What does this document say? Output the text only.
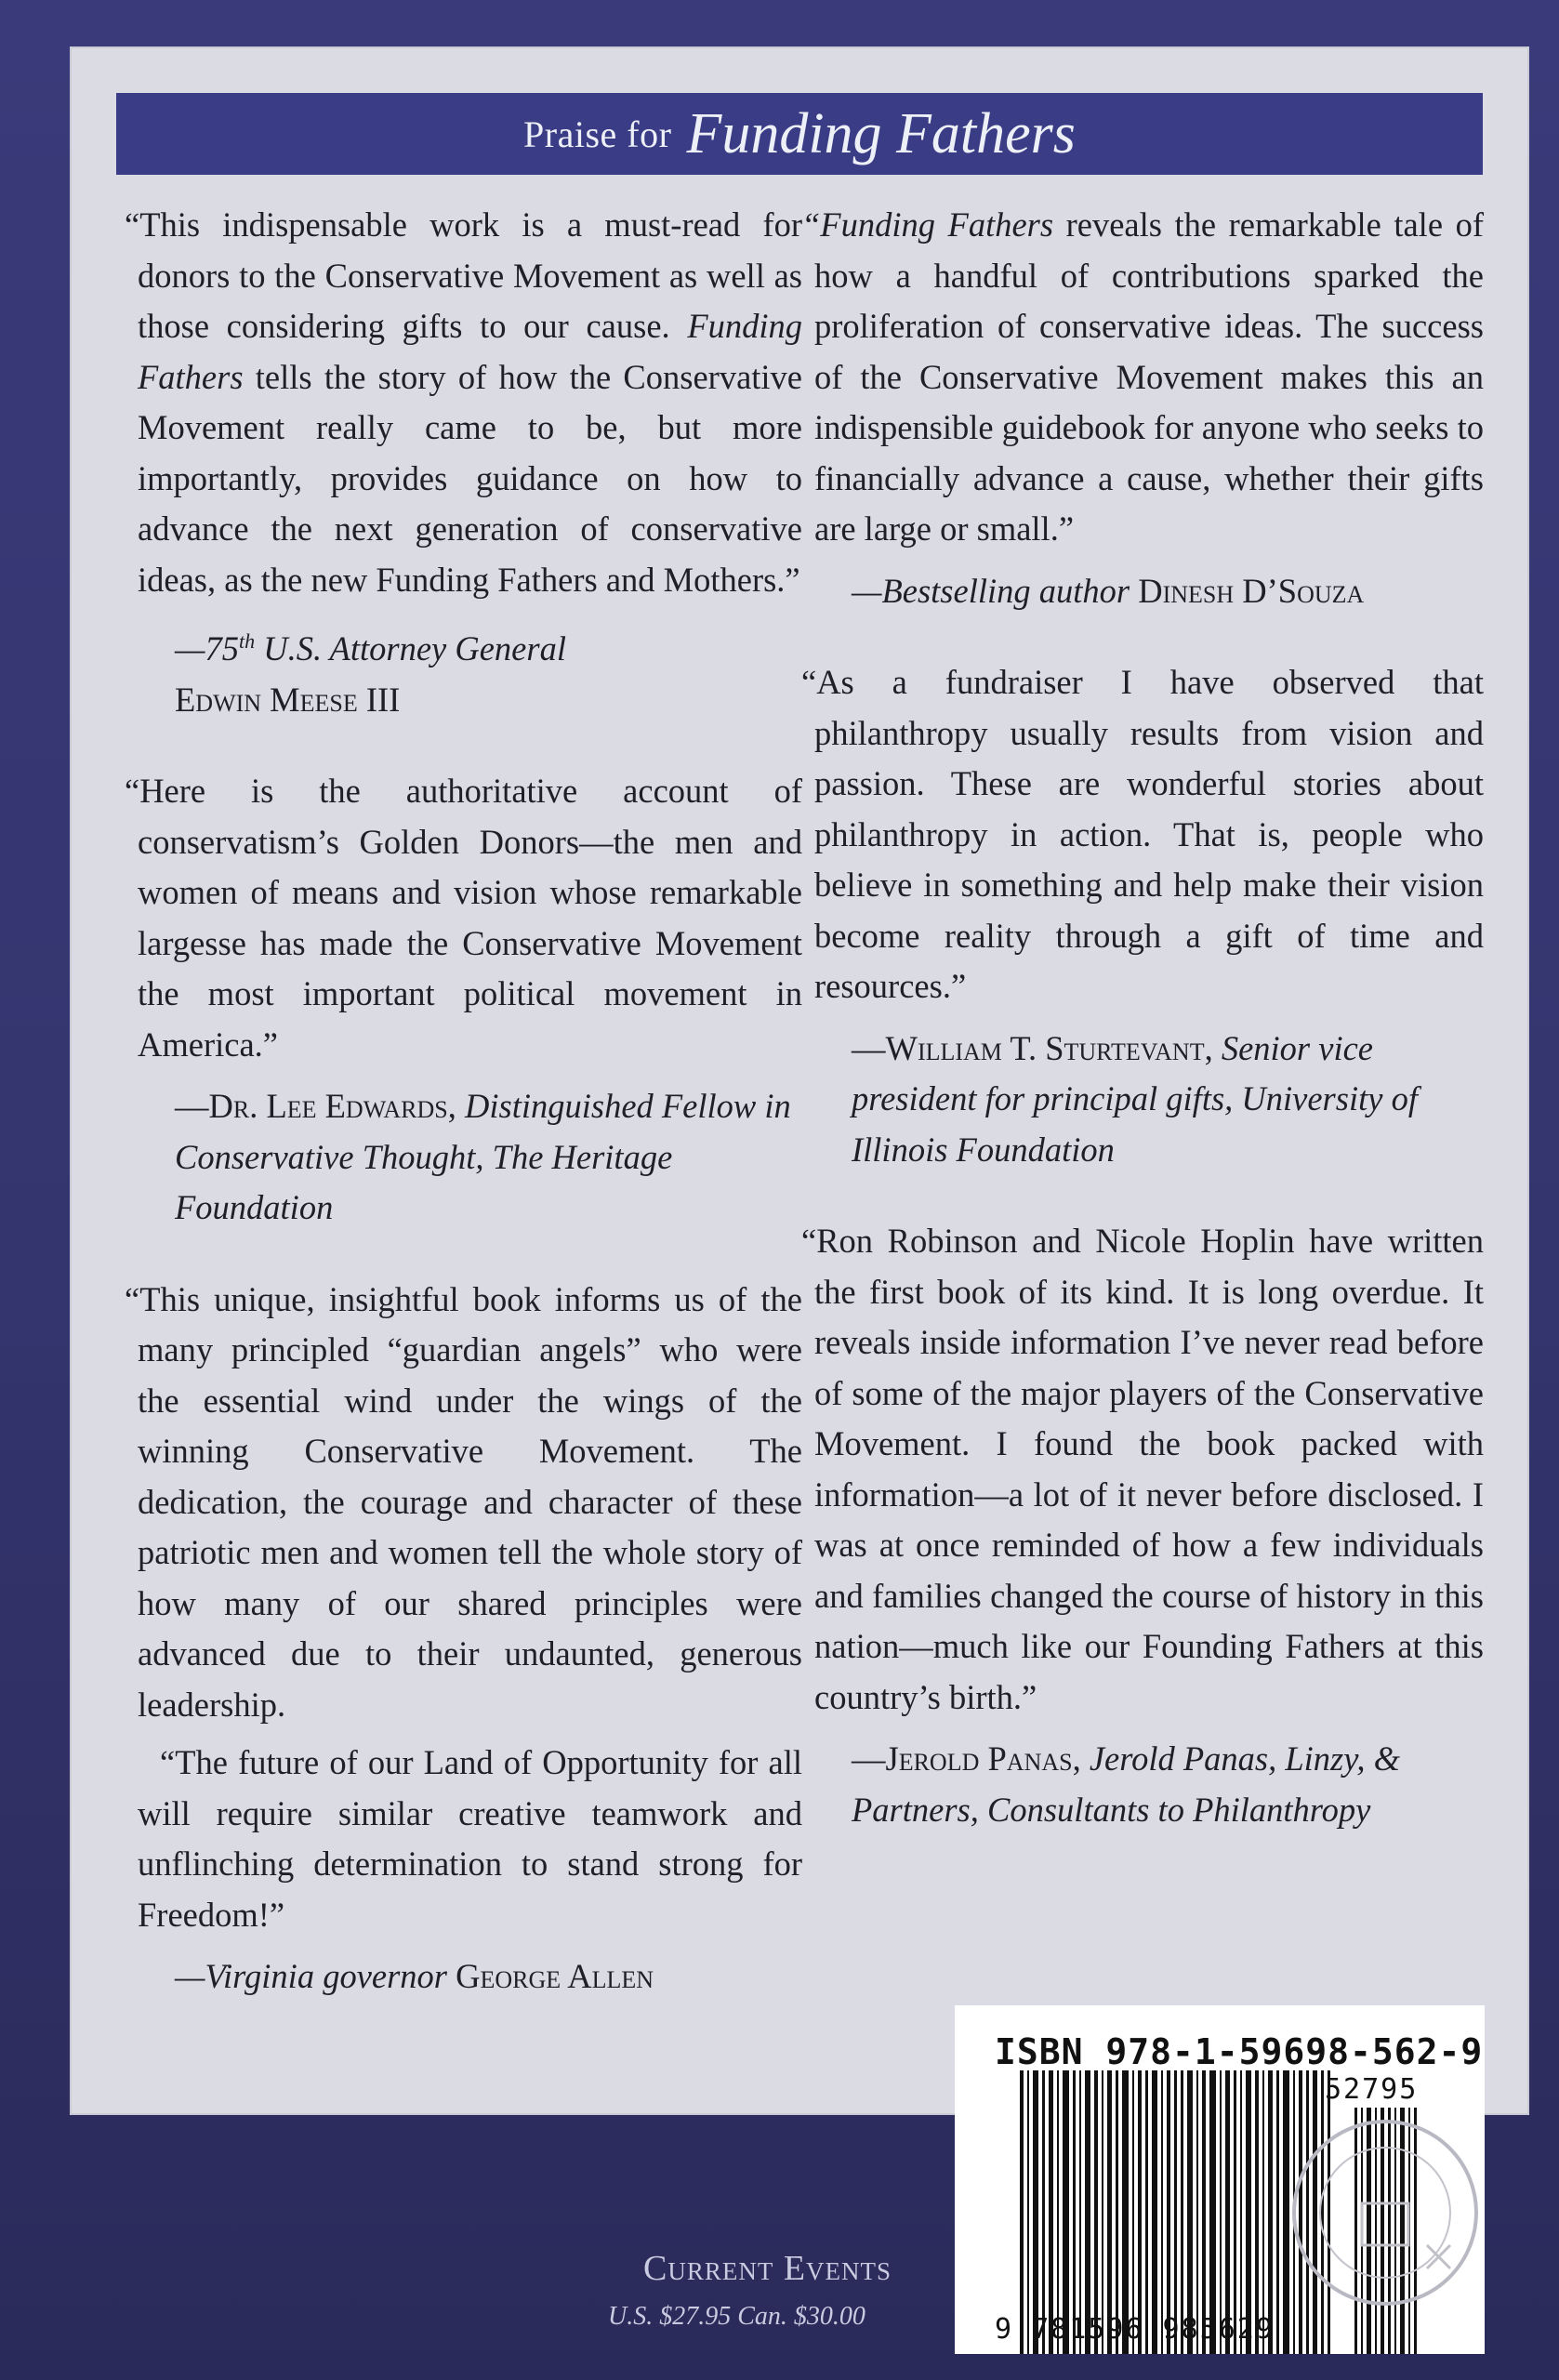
Praise for Funding Fathers

“This indispensable work is a must-read for donors to the Conservative Movement as well as those considering gifts to our cause. Funding Fathers tells the story of how the Conservative Movement really came to be, but more importantly, provides guidance on how to advance the next generation of conservative ideas, as the new Funding Fathers and Mothers.”

—75th U.S. Attorney General
Edwin Meese III

“Here is the authoritative account of conservatism’s Golden Donors—the men and women of means and vision whose remarkable largesse has made the Conservative Movement the most important political movement in America.”

—Dr. Lee Edwards, Distinguished Fellow in Conservative Thought, The Heritage Foundation

“This unique, insightful book informs us of the many principled “guardian angels” who were the essential wind under the wings of the winning Conservative Movement. The dedication, the courage and character of these patriotic men and women tell the whole story of how many of our shared principles were advanced due to their undaunted, generous leadership.

“The future of our Land of Opportunity for all will require similar creative teamwork and unflinching determination to stand strong for Freedom!”

—Virginia governor George Allen

“Funding Fathers reveals the remarkable tale of how a handful of contributions sparked the proliferation of conservative ideas. The success of the Conservative Movement makes this an indispensible guidebook for anyone who seeks to financially advance a cause, whether their gifts are large or small.”

—Bestselling author Dinesh D’Souza

“As a fundraiser I have observed that philanthropy usually results from vision and passion. These are wonderful stories about philanthropy in action. That is, people who believe in something and help make their vision become reality through a gift of time and resources.”

—William T. Sturtevant, Senior vice president for principal gifts, University of Illinois Foundation

“Ron Robinson and Nicole Hoplin have written the first book of its kind. It is long overdue. It reveals inside information I’ve never read before of some of the major players of the Conservative Movement. I found the book packed with information—a lot of it never before disclosed. I was at once reminded of how a few individuals and families changed the course of history in this nation—much like our Founding Fathers at this country’s birth.”

—Jerold Panas, Jerold Panas, Linzy, & Partners, Consultants to Philanthropy
ISBN 978-1-59698-562-9
52795
9 781596 985629
Current Events
U.S. $27.95 Can. $30.00
